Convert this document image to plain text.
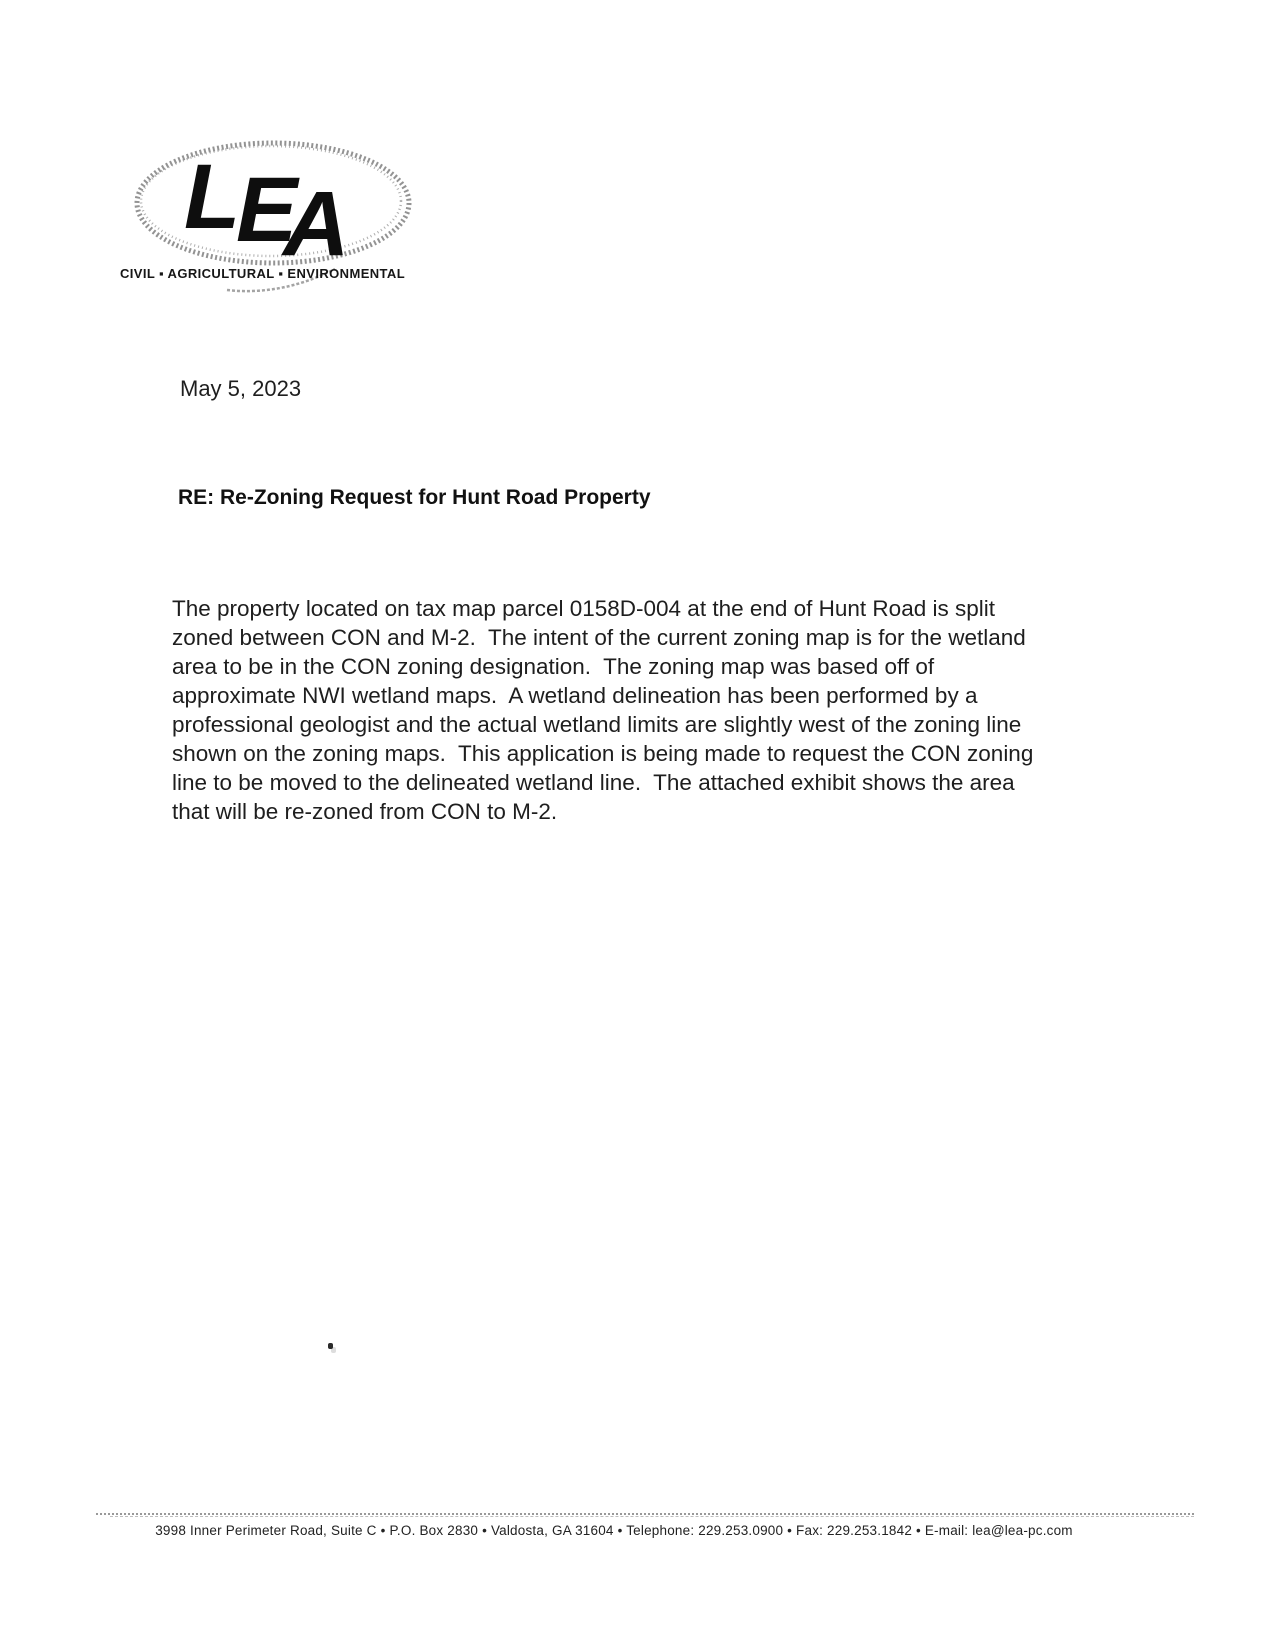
L
E
A
CIVIL ▪ AGRICULTURAL ▪ ENVIRONMENTAL
May 5, 2023
RE: Re-Zoning Request for Hunt Road Property
The property located on tax map parcel 0158D-004 at the end of Hunt Road is split
zoned between CON and M-2.  The intent of the current zoning map is for the wetland
area to be in the CON zoning designation.  The zoning map was based off of
approximate NWI wetland maps.  A wetland delineation has been performed by a
professional geologist and the actual wetland limits are slightly west of the zoning line
shown on the zoning maps.  This application is being made to request the CON zoning
line to be moved to the delineated wetland line.  The attached exhibit shows the area
that will be re-zoned from CON to M-2.
3998 Inner Perimeter Road, Suite C • P.O. Box 2830 • Valdosta, GA 31604 • Telephone: 229.253.0900 • Fax: 229.253.1842 • E-mail: lea@lea-pc.com
